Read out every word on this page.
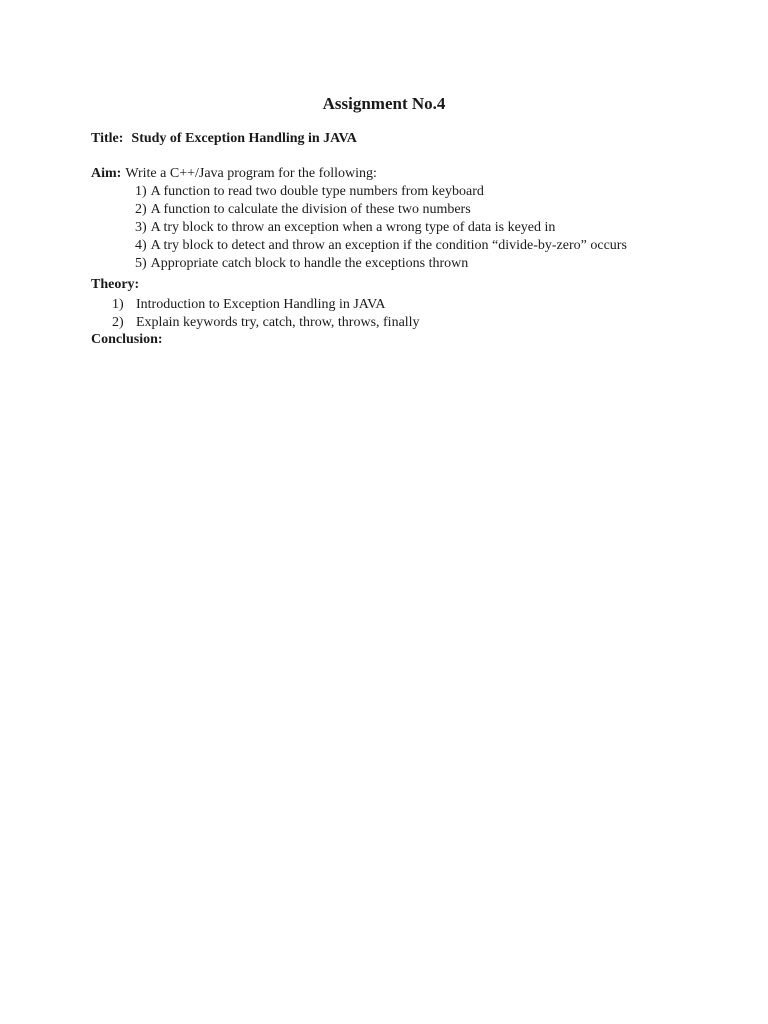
Assignment No.4
Title: Study of Exception Handling in JAVA
Aim: Write a C++/Java program for the following:
1) A function to read two double type numbers from keyboard
2) A function to calculate the division of these two numbers
3) A try block to throw an exception when a wrong type of data is keyed in
4) A try block to detect and throw an exception if the condition “divide-by-zero” occurs
5) Appropriate catch block to handle the exceptions thrown
Theory:
1) Introduction to Exception Handling in JAVA
2) Explain keywords try, catch, throw, throws, finally
Conclusion:
